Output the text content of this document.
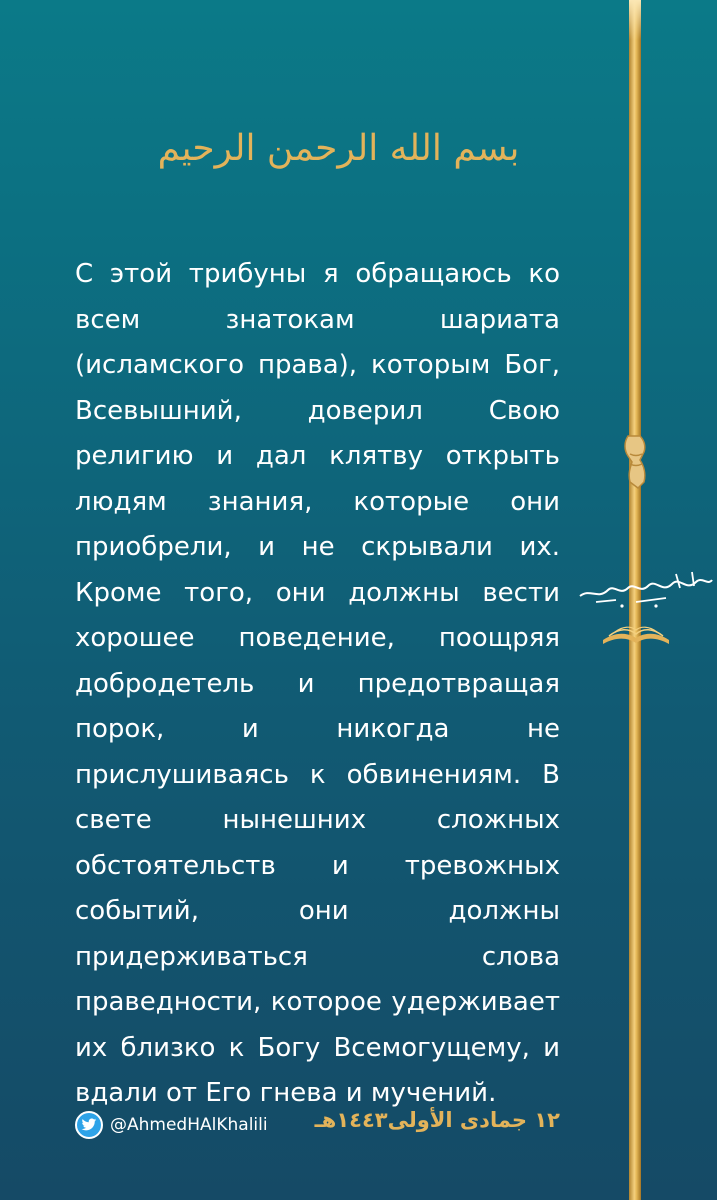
بسم الله الرحمن الرحيم
С этой трибуны я обращаюсь ко всем знатокам шариата (исламского права), которым Бог, Всевышний, доверил Свою религию и дал клятву открыть людям знания, которые они приобрели, и не скрывали их. Кроме того, они должны вести хорошее поведение, поощряя добродетель и предотвращая порок, и никогда не прислушиваясь к обвинениям. В свете нынешних сложных обстоятельств и тревожных событий, они должны придерживаться слова праведности, которое удерживает их близко к Богу Всемогущему, и вдали от Его гнева и мучений.
@AhmedHAlKhalili ١٢ جمادى الأولى١٤٤٣هـ
